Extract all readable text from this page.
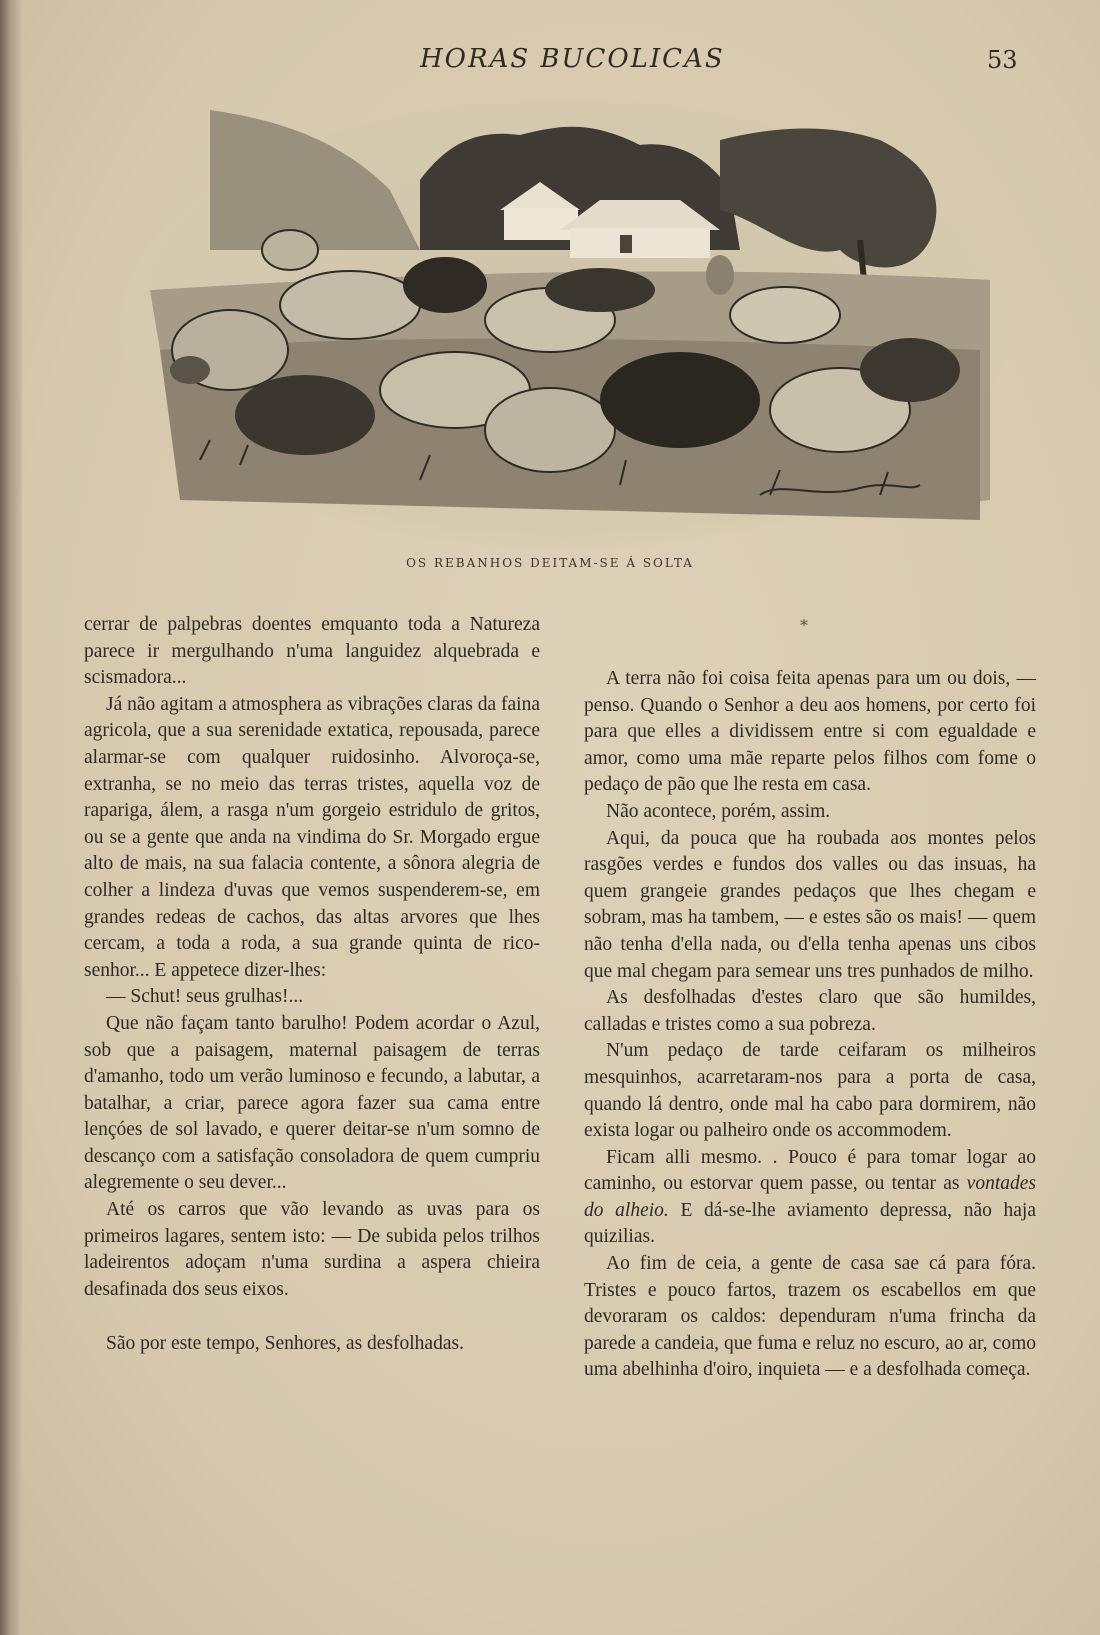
HORAS BUCOLICAS	53
OS REBANHOS DEITAM-SE Á SOLTA

cerrar de palpebras doentes emquanto toda a Natureza parece ir mergulhando n'uma languidez alquebrada e scismadora...

Já não agitam a atmosphera as vibrações claras da faina agricola, que a sua serenidade extatica, repousada, parece alarmar-se com qualquer ruidosinho. Alvoroça-se, extranha, se no meio das terras tristes, aquella voz de rapariga, álem, a rasga n'um gorgeio estridulo de gritos, ou se a gente que anda na vindima do Sr. Morgado ergue alto de mais, na sua falacia contente, a sônora alegria de colher a lindeza d'uvas que vemos suspenderem-se, em grandes redeas de cachos, das altas arvores que lhes cercam, a toda a roda, a sua grande quinta de rico-senhor... E appetece dizer-lhes:

— Schut! seus grulhas!...

Que não façam tanto barulho! Podem acordar o Azul, sob que a paisagem, maternal paisagem de terras d'amanho, todo um verão luminoso e fecundo, a labutar, a batalhar, a criar, parece agora fazer sua cama entre lençóes de sol lavado, e querer deitar-se n'um somno de descanço com a satisfação consoladora de quem cumpriu alegremente o seu dever...

Até os carros que vão levando as uvas para os primeiros lagares, sentem isto: — De subida pelos trilhos ladeirentos adoçam n'uma surdina a aspera chieira desafinada dos seus eixos.

São por este tempo, Senhores, as desfolhadas.

*

A terra não foi coisa feita apenas para um ou dois, — penso. Quando o Senhor a deu aos homens, por certo foi para que elles a dividissem entre si com egualdade e amor, como uma mãe reparte pelos filhos com fome o pedaço de pão que lhe resta em casa.

Não acontece, porém, assim.

Aqui, da pouca que ha roubada aos montes pelos rasgões verdes e fundos dos valles ou das insuas, ha quem grangeie grandes pedaços que lhes chegam e sobram, mas ha tambem, — e estes são os mais! — quem não tenha d'ella nada, ou d'ella tenha apenas uns cibos que mal chegam para semear uns tres punhados de milho.

As desfolhadas d'estes claro que são humildes, calladas e tristes como a sua pobreza.

N'um pedaço de tarde ceifaram os milheiros mesquinhos, acarretaram-nos para a porta de casa, quando lá dentro, onde mal ha cabo para dormirem, não exista logar ou palheiro onde os accommodem.

Ficam alli mesmo. . Pouco é para tomar logar ao caminho, ou estorvar quem passe, ou tentar as vontades do alheio. E dá-se-lhe aviamento depressa, não haja quizilias.

Ao fim de ceia, a gente de casa sae cá para fóra. Tristes e pouco fartos, trazem os escabellos em que devoraram os caldos: dependuram n'uma frincha da parede a candeia, que fuma e reluz no escuro, ao ar, como uma abelhinha d'oiro, inquieta — e a desfolhada começa.
